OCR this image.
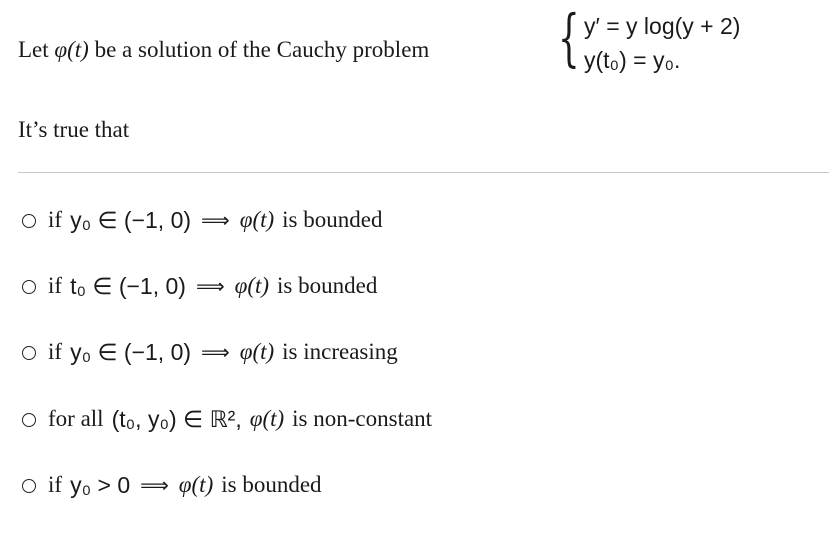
Let φ(t) be a solution of the Cauchy problem { y′ = y log(y + 2)
y(t₀) = y₀.
It’s true that
if y₀ ∈ (−1, 0) ⟹ φ(t) is bounded
if t₀ ∈ (−1, 0) ⟹ φ(t) is bounded
if y₀ ∈ (−1, 0) ⟹ φ(t) is increasing
for all (t₀, y₀) ∈ ℝ², φ(t) is non-constant
if y₀ > 0 ⟹ φ(t) is bounded
